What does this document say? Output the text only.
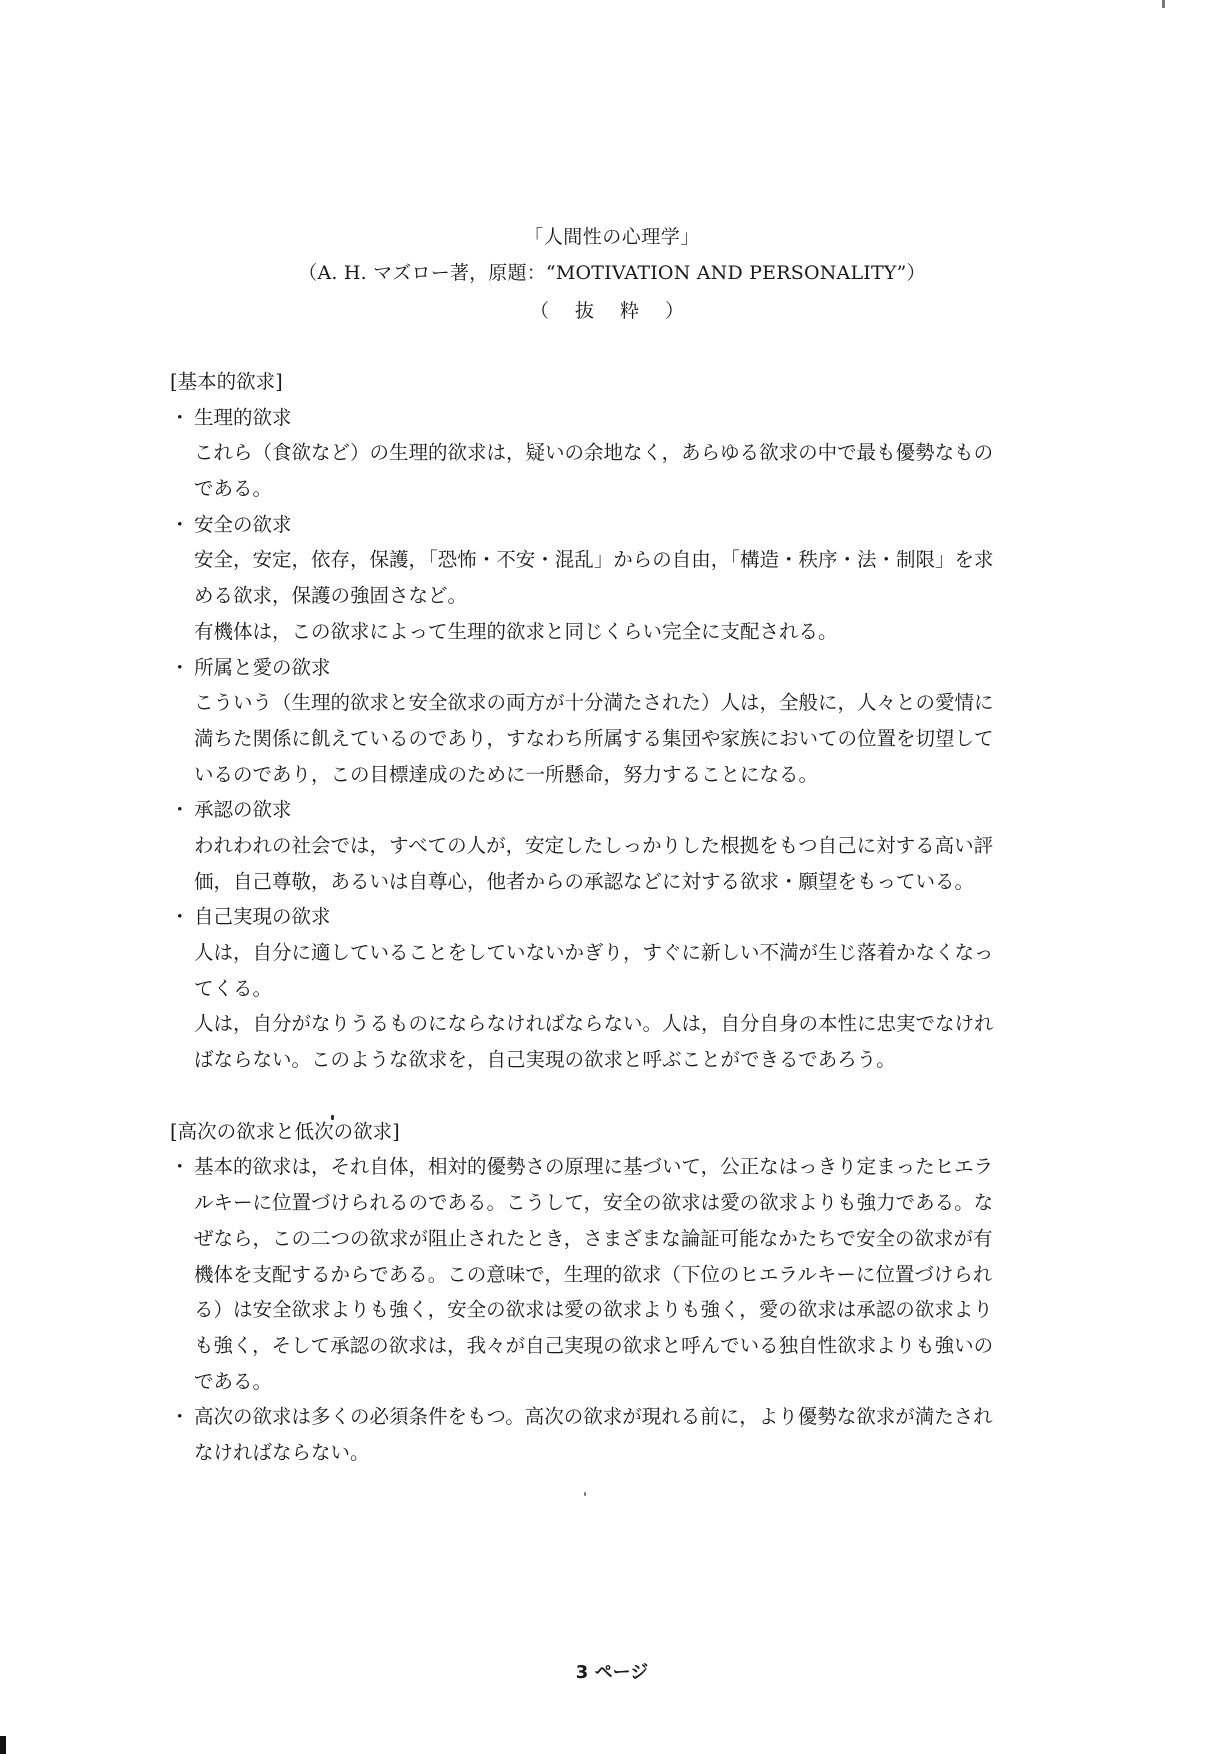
「人間性の心理学」
（A. H. マズロー著，原題：“MOTIVATION AND PERSONALITY”）
（ 抜 粋 ）
[基本的欲求]
・ 生理的欲求
これら（食欲など）の生理的欲求は，疑いの余地なく，あらゆる欲求の中で最も優勢なもの
である。
・ 安全の欲求
安全，安定，依存，保護，「恐怖・不安・混乱」からの自由，「構造・秩序・法・制限」を求
める欲求，保護の強固さなど。
有機体は，この欲求によって生理的欲求と同じくらい完全に支配される。
・ 所属と愛の欲求
こういう（生理的欲求と安全欲求の両方が十分満たされた）人は，全般に，人々との愛情に
満ちた関係に飢えているのであり，すなわち所属する集団や家族においての位置を切望して
いるのであり，この目標達成のために一所懸命，努力することになる。
・ 承認の欲求
われわれの社会では，すべての人が，安定したしっかりした根拠をもつ自己に対する高い評
価，自己尊敬，あるいは自尊心，他者からの承認などに対する欲求・願望をもっている。
・ 自己実現の欲求
人は，自分に適していることをしていないかぎり，すぐに新しい不満が生じ落着かなくなっ
てくる。
人は，自分がなりうるものにならなければならない。人は，自分自身の本性に忠実でなけれ
ばならない。このような欲求を，自己実現の欲求と呼ぶことができるであろう。
[高次の欲求と低次の欲求]
・ 基本的欲求は，それ自体，相対的優勢さの原理に基づいて，公正なはっきり定まったヒエラ
ルキーに位置づけられるのである。こうして，安全の欲求は愛の欲求よりも強力である。な
ぜなら，この二つの欲求が阻止されたとき，さまざまな論証可能なかたちで安全の欲求が有
機体を支配するからである。この意味で，生理的欲求（下位のヒエラルキーに位置づけられ
る）は安全欲求よりも強く，安全の欲求は愛の欲求よりも強く，愛の欲求は承認の欲求より
も強く，そして承認の欲求は，我々が自己実現の欲求と呼んでいる独自性欲求よりも強いの
である。
・ 高次の欲求は多くの必須条件をもつ。高次の欲求が現れる前に，より優勢な欲求が満たされ
なければならない。
3 ページ
